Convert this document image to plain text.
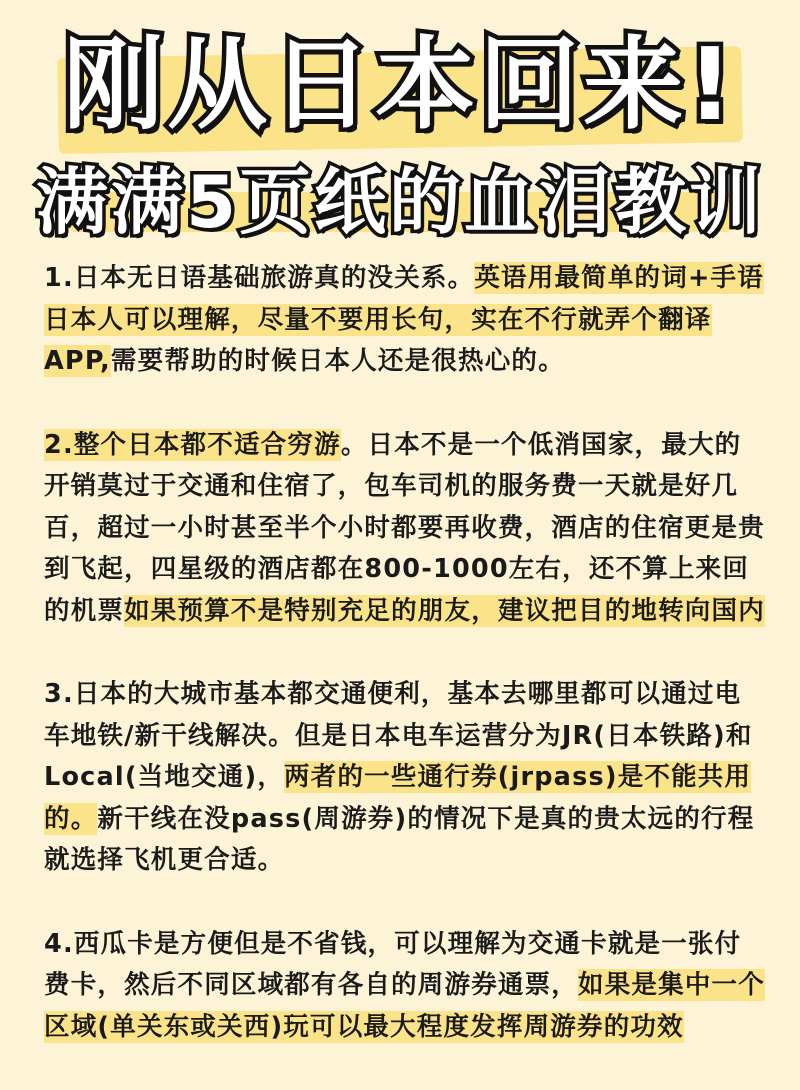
刚从日本回来!
满满5页纸的血泪教训

1.日本无日语基础旅游真的没关系。英语用最简单的词+手语日本人可以理解，尽量不要用长句，实在不行就弄个翻译APP,需要帮助的时候日本人还是很热心的。

2.整个日本都不适合穷游。日本不是一个低消国家，最大的开销莫过于交通和住宿了，包车司机的服务费一天就是好几百，超过一小时甚至半个小时都要再收费，酒店的住宿更是贵到飞起，四星级的酒店都在800-1000左右，还不算上来回的机票如果预算不是特别充足的朋友，建议把目的地转向国内

3.日本的大城市基本都交通便利，基本去哪里都可以通过电车地铁/新干线解决。但是日本电车运营分为JR(日本铁路)和Local(当地交通)，两者的一些通行券(jrpass)是不能共用的。新干线在没pass(周游券)的情况下是真的贵太远的行程就选择飞机更合适。

4.西瓜卡是方便但是不省钱，可以理解为交通卡就是一张付费卡，然后不同区域都有各自的周游券通票，如果是集中一个区域(单关东或关西)玩可以最大程度发挥周游券的功效
